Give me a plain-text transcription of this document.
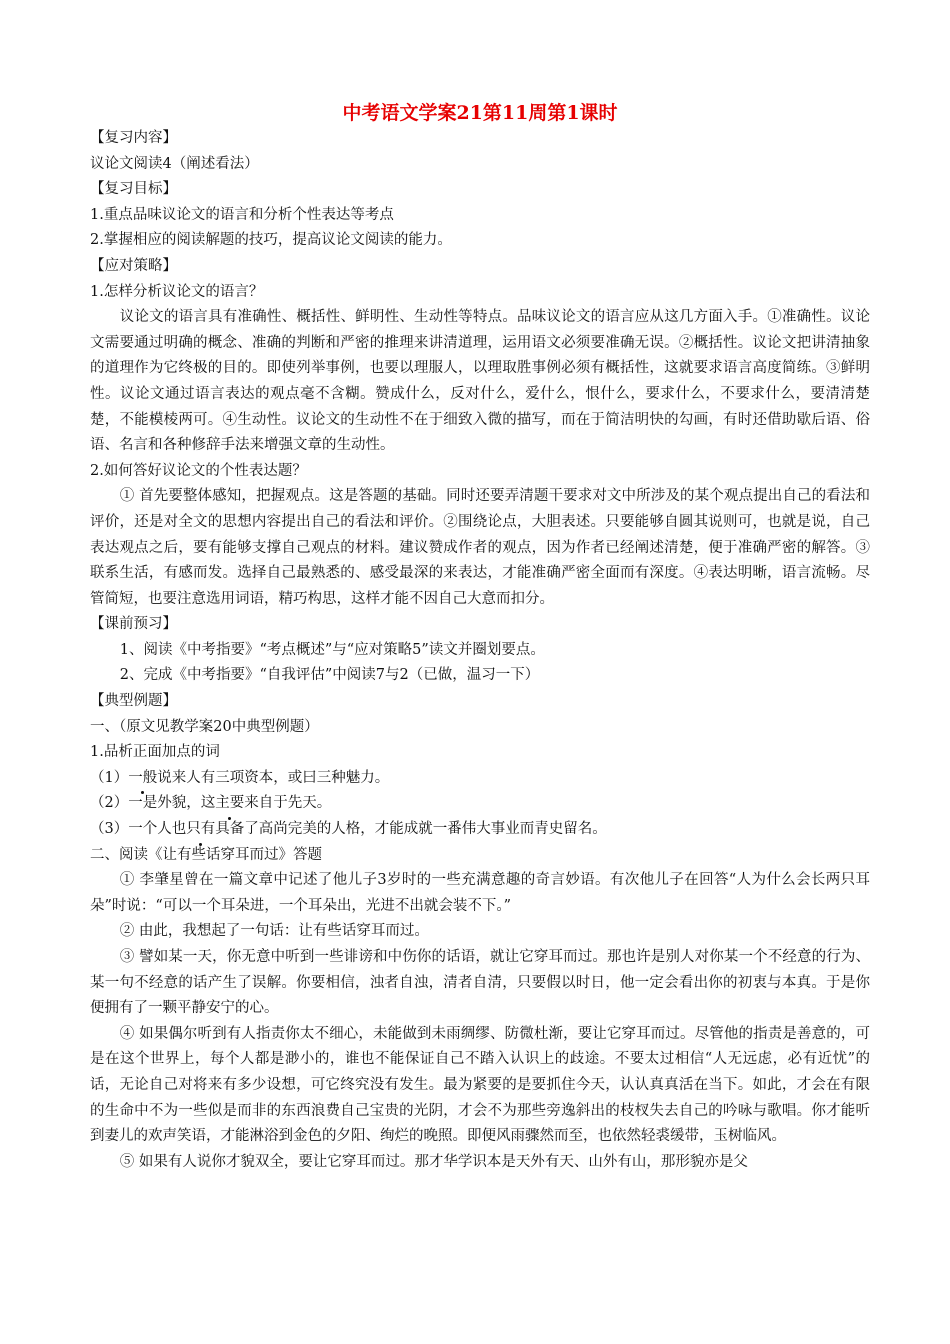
中考语文学案21第11周第1课时
【复习内容】
议论文阅读4（阐述看法）
【复习目标】
1.重点品味议论文的语言和分析个性表达等考点
2.掌握相应的阅读解题的技巧，提高议论文阅读的能力。
【应对策略】
1.怎样分析议论文的语言？
议论文的语言具有准确性、概括性、鲜明性、生动性等特点。品味议论文的语言应从这几方面入手。①准确性。议论文需要通过明确的概念、准确的判断和严密的推理来讲清道理，运用语文必须要准确无误。②概括性。议论文把讲清抽象的道理作为它终极的目的。即使列举事例，也要以理服人，以理取胜事例必须有概括性，这就要求语言高度简练。③鲜明性。议论文通过语言表达的观点毫不含糊。赞成什么，反对什么，爱什么，恨什么，要求什么，不要求什么，要清清楚楚，不能模棱两可。④生动性。议论文的生动性不在于细致入微的描写，而在于简洁明快的勾画，有时还借助歇后语、俗语、名言和各种修辞手法来增强文章的生动性。
2.如何答好议论文的个性表达题？
① 首先要整体感知，把握观点。这是答题的基础。同时还要弄清题干要求对文中所涉及的某个观点提出自己的看法和评价，还是对全文的思想内容提出自己的看法和评价。②围绕论点，大胆表述。只要能够自圆其说则可，也就是说，自己表达观点之后，要有能够支撑自己观点的材料。建议赞成作者的观点，因为作者已经阐述清楚，便于准确严密的解答。③联系生活，有感而发。选择自己最熟悉的、感受最深的来表达，才能准确严密全面而有深度。④表达明晰，语言流畅。尽管简短，也要注意选用词语，精巧构思，这样才能不因自己大意而扣分。
【课前预习】
1、阅读《中考指要》“考点概述”与“应对策略5”读文并圈划要点。
2、完成《中考指要》“自我评估”中阅读7与2（已做，温习一下）
【典型例题】
一、（原文见教学案20中典型例题）
1.品析正面加点的词
（1）一般说来人有三项资本，或曰三种魅力。
（2）一是外貌，这主要来自于先天。
（3）一个人也只有具备了高尚完美的人格，才能成就一番伟大事业而青史留名。
二、阅读《让有些话穿耳而过》答题
① 李肇星曾在一篇文章中记述了他儿子3岁时的一些充满意趣的奇言妙语。有次他儿子在回答“人为什么会长两只耳朵”时说：“可以一个耳朵进，一个耳朵出，光进不出就会装不下。”
② 由此，我想起了一句话：让有些话穿耳而过。
③ 譬如某一天，你无意中听到一些诽谤和中伤你的话语，就让它穿耳而过。那也许是别人对你某一个不经意的行为、某一句不经意的话产生了误解。你要相信，浊者自浊，清者自清，只要假以时日，他一定会看出你的初衷与本真。于是你便拥有了一颗平静安宁的心。
④ 如果偶尔听到有人指责你太不细心，未能做到未雨绸缪、防微杜渐，要让它穿耳而过。尽管他的指责是善意的，可是在这个世界上，每个人都是渺小的，谁也不能保证自己不踏入认识上的歧途。不要太过相信“人无远虑，必有近忧”的话，无论自己对将来有多少设想，可它终究没有发生。最为紧要的是要抓住今天，认认真真活在当下。如此，才会在有限的生命中不为一些似是而非的东西浪费自己宝贵的光阴，才会不为那些旁逸斜出的枝杈失去自己的吟咏与歌唱。你才能听到妻儿的欢声笑语，才能淋浴到金色的夕阳、绚烂的晚照。即便风雨骤然而至，也依然轻裘缓带，玉树临风。
⑤ 如果有人说你才貌双全，要让它穿耳而过。那才华学识本是天外有天、山外有山，那形貌亦是父
